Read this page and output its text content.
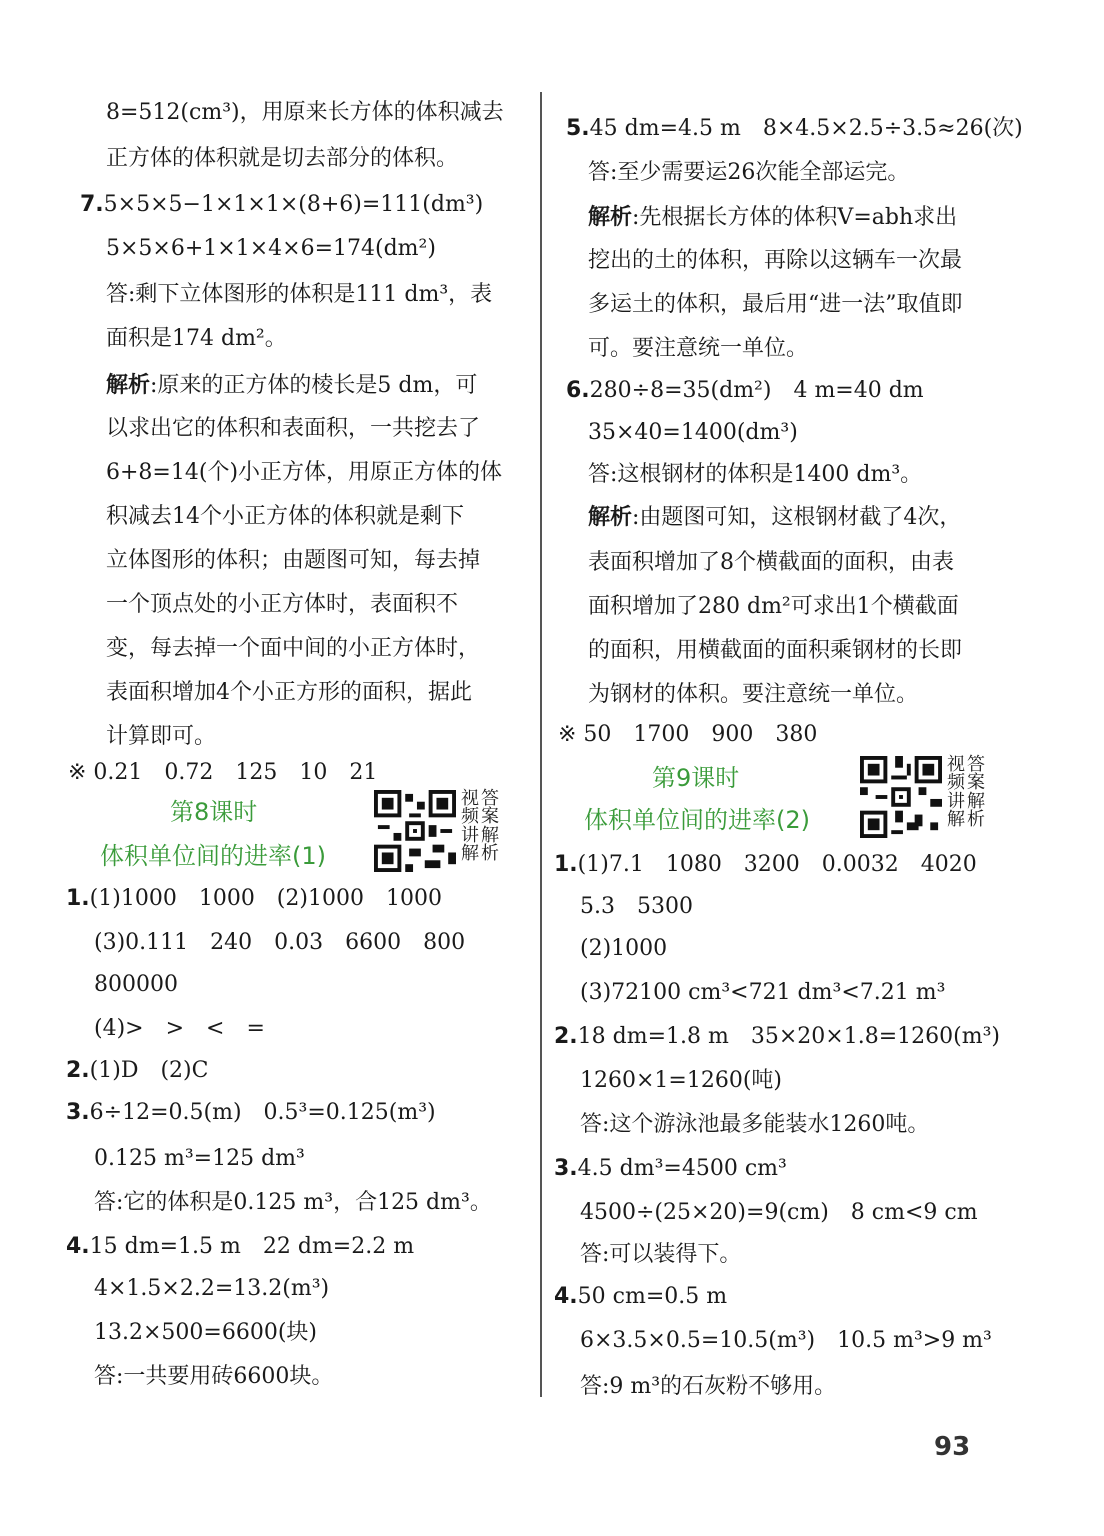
8=512(cm³)，用原来长方体的体积减去
正方体的体积就是切去部分的体积。
7.5×5×5−1×1×1×(8+6)=111(dm³)
5×5×6+1×1×4×6=174(dm²)
答:剩下立体图形的体积是111 dm³，表
面积是174 dm²。
解析:原来的正方体的棱长是5 dm，可
以求出它的体积和表面积，一共挖去了
6+8=14(个)小正方体，用原正方体的体
积减去14个小正方体的体积就是剩下
立体图形的体积；由题图可知，每去掉
一个顶点处的小正方体时，表面积不
变，每去掉一个面中间的小正方体时，
表面积增加4个小正方形的面积，据此
计算即可。
※ 0.21　0.72　125　10　21
第8课时
体积单位间的进率(1)
1.(1)1000　1000　(2)1000　1000
(3)0.111　240　0.03　6600　800
800000
(4)>　>　<　=
2.(1)D　(2)C
3.6÷12=0.5(m)　0.5³=0.125(m³)
0.125 m³=125 dm³
答:它的体积是0.125 m³，合125 dm³。
4.15 dm=1.5 m　22 dm=2.2 m
4×1.5×2.2=13.2(m³)
13.2×500=6600(块)
答:一共要用砖6600块。
5.45 dm=4.5 m　8×4.5×2.5÷3.5≈26(次)
答:至少需要运26次能全部运完。
解析:先根据长方体的体积V=abh求出
挖出的土的体积，再除以这辆车一次最
多运土的体积，最后用“进一法”取值即
可。要注意统一单位。
6.280÷8=35(dm²)　4 m=40 dm
35×40=1400(dm³)
答:这根钢材的体积是1400 dm³。
解析:由题图可知，这根钢材截了4次，
表面积增加了8个横截面的面积，由表
面积增加了280 dm²可求出1个横截面
的面积，用横截面的面积乘钢材的长即
为钢材的体积。要注意统一单位。
※ 50　1700　900　380
第9课时
体积单位间的进率(2)
1.(1)7.1　1080　3200　0.0032　4020
5.3　5300
(2)1000
(3)72100 cm³<721 dm³<7.21 m³
2.18 dm=1.8 m　35×20×1.8=1260(m³)
1260×1=1260(吨)
答:这个游泳池最多能装水1260吨。
3.4.5 dm³=4500 cm³
4500÷(25×20)=9(cm)　8 cm<9 cm
答:可以装得下。
4.50 cm=0.5 m
6×3.5×0.5=10.5(m³)　10.5 m³>9 m³
答:9 m³的石灰粉不够用。
视
频
讲
解
答
案
解
析
视
频
讲
解
答
案
解
析
93
